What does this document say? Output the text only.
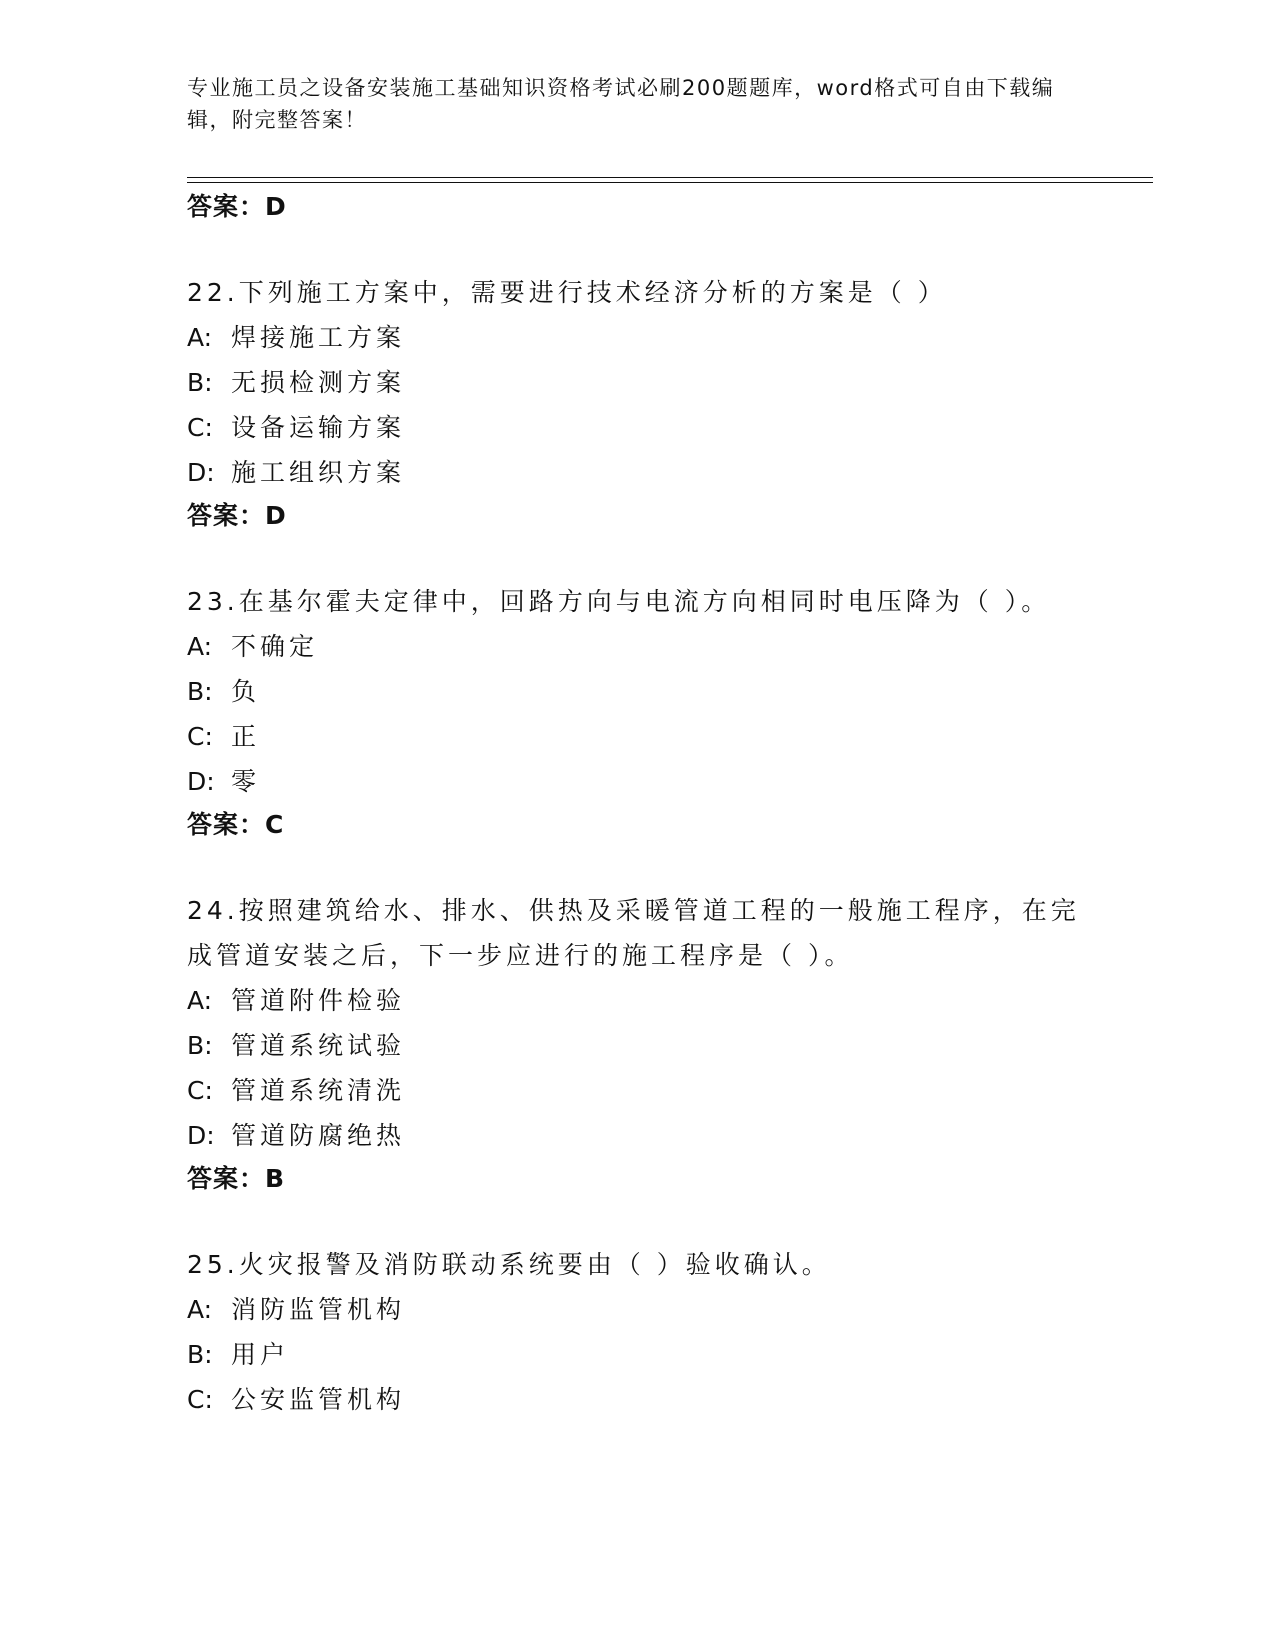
专业施工员之设备安装施工基础知识资格考试必刷200题题库，word格式可自由下载编辑，附完整答案！
答案：D
22.下列施工方案中，需要进行技术经济分析的方案是（ ）
A: 焊接施工方案
B: 无损检测方案
C: 设备运输方案
D: 施工组织方案
答案：D
23.在基尔霍夫定律中，回路方向与电流方向相同时电压降为（ ）。
A: 不确定
B: 负
C: 正
D: 零
答案：C
24.按照建筑给水、排水、供热及采暖管道工程的一般施工程序，在完成管道安装之后，下一步应进行的施工程序是（ ）。
A: 管道附件检验
B: 管道系统试验
C: 管道系统清洗
D: 管道防腐绝热
答案：B
25.火灾报警及消防联动系统要由（ ）验收确认。
A: 消防监管机构
B: 用户
C: 公安监管机构
